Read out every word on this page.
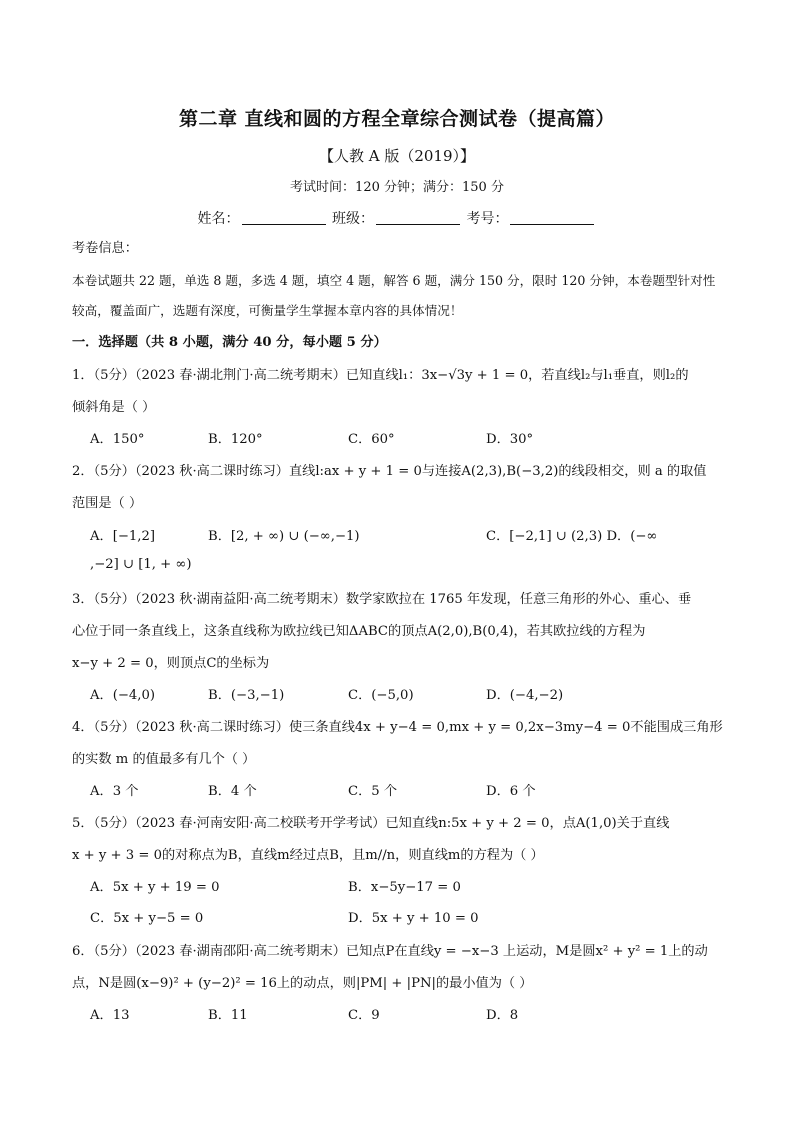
第二章 直线和圆的方程全章综合测试卷（提高篇）
【人教 A 版（2019）】
考试时间：120 分钟；满分：150 分
姓名：	班级：	考号：
考卷信息：
本卷试题共 22 题，单选 8 题，多选 4 题，填空 4 题，解答 6 题，满分 150 分，限时 120 分钟，本卷题型针对性
较高，覆盖面广，选题有深度，可衡量学生掌握本章内容的具体情况！
一．选择题（共 8 小题，满分 40 分，每小题 5 分）
1．（5分）（2023 春·湖北荆门·高二统考期末）已知直线l₁：3x−√3y + 1 = 0，若直线l₂与l₁垂直，则l₂的
倾斜角是（ ）
A．150°	B．120°	C．60°	D．30°
2．（5分）（2023 秋·高二课时练习）直线l:ax + y + 1 = 0与连接A(2,3),B(−3,2)的线段相交，则 a 的取值
范围是（ ）
A．[−1,2]	B．[2, + ∞) ∪ (−∞,−1)	C．[−2,1] ∪ (2,3) D．(−∞
,−2] ∪ [1, + ∞)
3．（5分）（2023 秋·湖南益阳·高二统考期末）数学家欧拉在 1765 年发现，任意三角形的外心、重心、垂
心位于同一条直线上，这条直线称为欧拉线已知ΔABC的顶点A(2,0),B(0,4)，若其欧拉线的方程为
x−y + 2 = 0，则顶点C的坐标为
A．(−4,0)	B．(−3,−1)	C．(−5,0)	D．(−4,−2)
4．（5分）（2023 秋·高二课时练习）使三条直线4x + y−4 = 0,mx + y = 0,2x−3my−4 = 0不能围成三角形
的实数 m 的值最多有几个（ ）
A．3 个	B．4 个	C．5 个	D．6 个
5．（5分）（2023 春·河南安阳·高二校联考开学考试）已知直线n:5x + y + 2 = 0，点A(1,0)关于直线
x + y + 3 = 0的对称点为B，直线m经过点B，且m//n，则直线m的方程为（ ）
A．5x + y + 19 = 0	B．x−5y−17 = 0
C．5x + y−5 = 0	D．5x + y + 10 = 0
6．（5分）（2023 春·湖南邵阳·高二统考期末）已知点P在直线y = −x−3 上运动，M是圆x² + y² = 1上的动
点，N是圆(x−9)² + (y−2)² = 16上的动点，则|PM| + |PN|的最小值为（ ）
A．13	B．11	C．9	D．8
